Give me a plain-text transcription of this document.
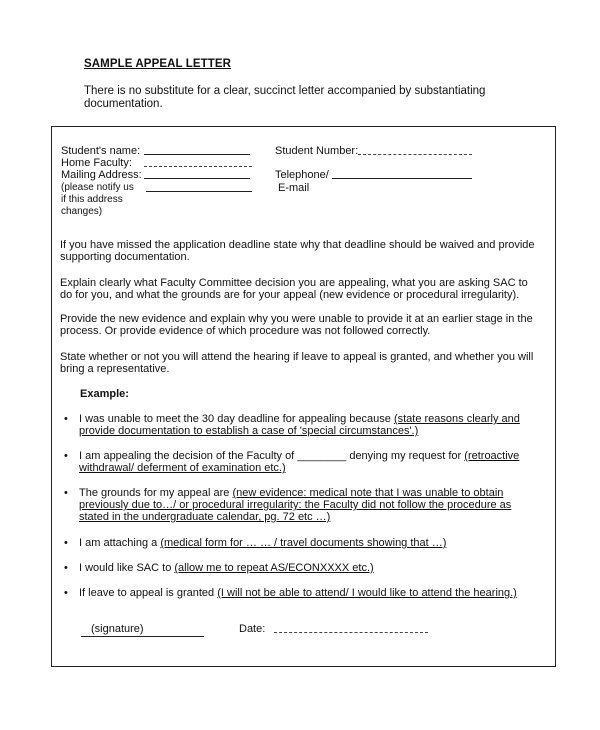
SAMPLE APPEAL LETTER
There is no substitute for a clear, succinct letter accompanied by substantiating documentation.
Student's name:
Home Faculty:
Mailing Address:
(please notify us
if this address
changes)
Student Number:
Telephone/
E-mail
If you have missed the application deadline state why that deadline should be waived and provide supporting documentation.
Explain clearly what Faculty Committee decision you are appealing, what you are asking SAC to do for you, and what the grounds are for your appeal (new evidence or procedural irregularity).
Provide the new evidence and explain why you were unable to provide it at an earlier stage in the process. Or provide evidence of which procedure was not followed correctly.
State whether or not you will attend the hearing if leave to appeal is granted, and whether you will bring a representative.
Example:
• I was unable to meet the 30 day deadline for appealing because (state reasons clearly and
provide documentation to establish a case of 'special circumstances'.)
• I am appealing the decision of the Faculty of ________ denying my request for (retroactive
withdrawal/ deferment of examination etc.)
• The grounds for my appeal are (new evidence: medical note that I was unable to obtain
previously due to…/ or procedural irregularity: the Faculty did not follow the procedure as
stated in the undergraduate calendar, pg. 72 etc …)
• I am attaching a (medical form for … … / travel documents showing that …)
• I would like SAC to (allow me to repeat AS/ECONXXXX etc.)
• If leave to appeal is granted (I will not be able to attend/ I would like to attend the hearing.)
(signature)	Date:
